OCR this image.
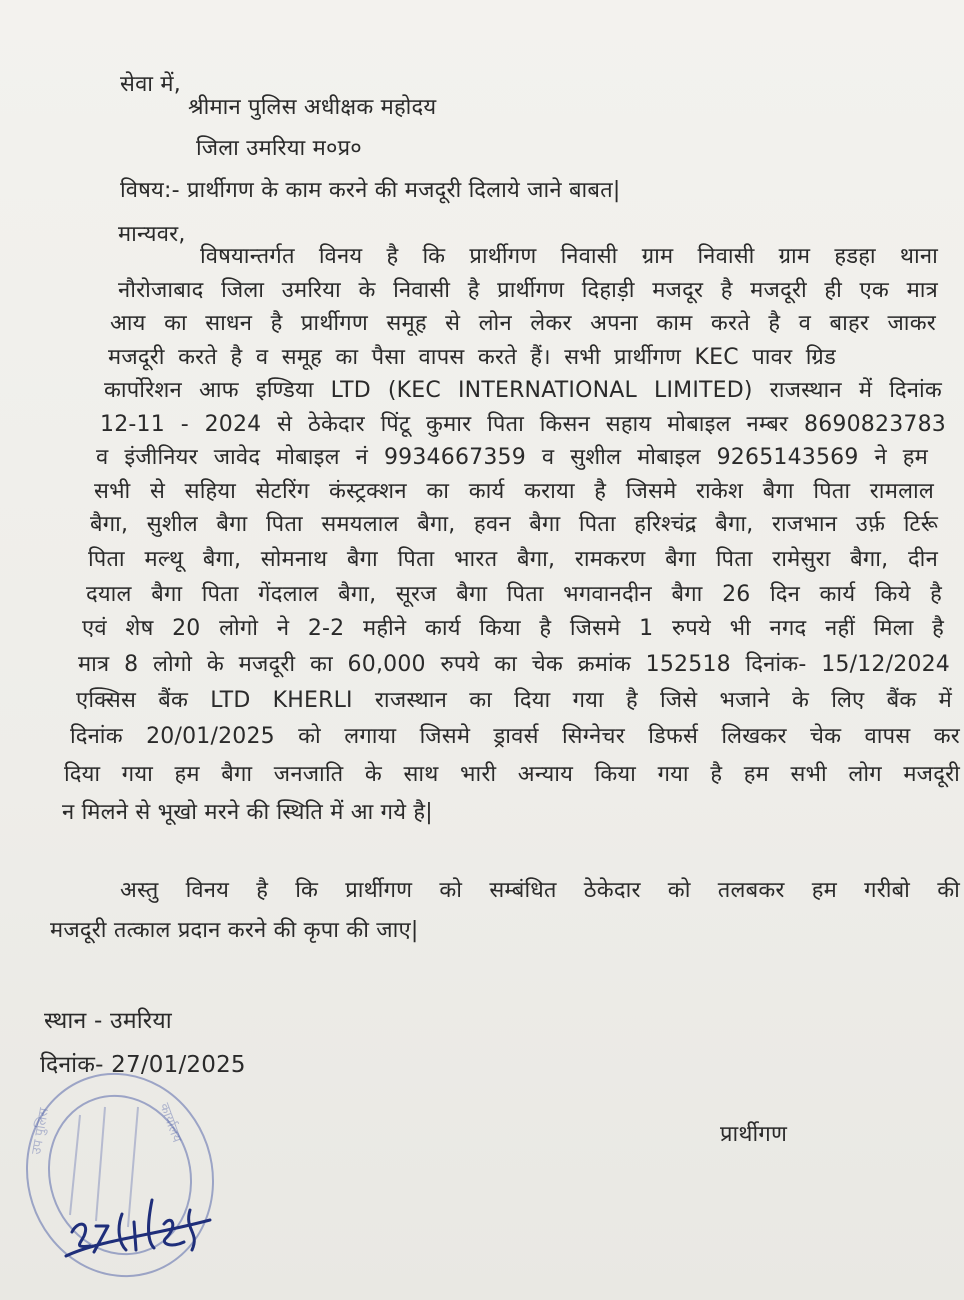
सेवा में,
श्रीमान पुलिस अधीक्षक महोदय
जिला उमरिया म०प्र०
विषय:- प्रार्थीगण के काम करने की मजदूरी दिलाये जाने बाबत|
मान्यवर,
विषयान्तर्गत विनय है कि प्रार्थीगण निवासी ग्राम निवासी ग्राम हडहा थाना
नौरोजाबाद जिला उमरिया के निवासी है प्रार्थीगण दिहाड़ी मजदूर है मजदूरी ही एक मात्र
आय का साधन है प्रार्थीगण समूह से लोन लेकर अपना काम करते है व बाहर जाकर
मजदूरी करते है व समूह का पैसा वापस करते हैं। सभी प्रार्थीगण KEC पावर ग्रिड
कार्पोरेशन आफ इण्डिया LTD (KEC INTERNATIONAL LIMITED) राजस्थान में दिनांक
12-11 - 2024 से ठेकेदार पिंटू कुमार पिता किसन सहाय मोबाइल नम्बर 8690823783
व इंजीनियर जावेद मोबाइल नं 9934667359 व सुशील मोबाइल 9265143569 ने हम
सभी से सहिया सेटरिंग कंस्ट्रक्शन का कार्य कराया है जिसमे राकेश बैगा पिता रामलाल
बैगा, सुशील बैगा पिता समयलाल बैगा, हवन बैगा पिता हरिश्चंद्र बैगा, राजभान उर्फ़ टिर्रू
पिता मल्थू बैगा, सोमनाथ बैगा पिता भारत बैगा, रामकरण बैगा पिता रामेसुरा बैगा, दीन
दयाल बैगा पिता गेंदलाल बैगा, सूरज बैगा पिता भगवानदीन बैगा 26 दिन कार्य किये है
एवं शेष 20 लोगो ने 2-2 महीने कार्य किया है जिसमे 1 रुपये भी नगद नहीं मिला है
मात्र 8 लोगो के मजदूरी का 60,000 रुपये का चेक क्रमांक 152518 दिनांक- 15/12/2024
एक्सिस बैंक LTD KHERLI राजस्थान का दिया गया है जिसे भजाने के लिए बैंक में
दिनांक 20/01/2025 को लगाया जिसमे ड्रावर्स सिग्नेचर डिफर्स लिखकर चेक वापस कर
दिया गया हम बैगा जनजाति के साथ भारी अन्याय किया गया है हम सभी लोग मजदूरी
न मिलने से भूखो मरने की स्थिति में आ गये है|
अस्तु विनय है कि प्रार्थीगण को सम्बंधित ठेकेदार को तलबकर हम गरीबो की
मजदूरी तत्काल प्रदान करने की कृपा की जाए|
स्थान - उमरिया
दिनांक- 27/01/2025
प्रार्थीगण
कार्यालय
उप पुलिस
